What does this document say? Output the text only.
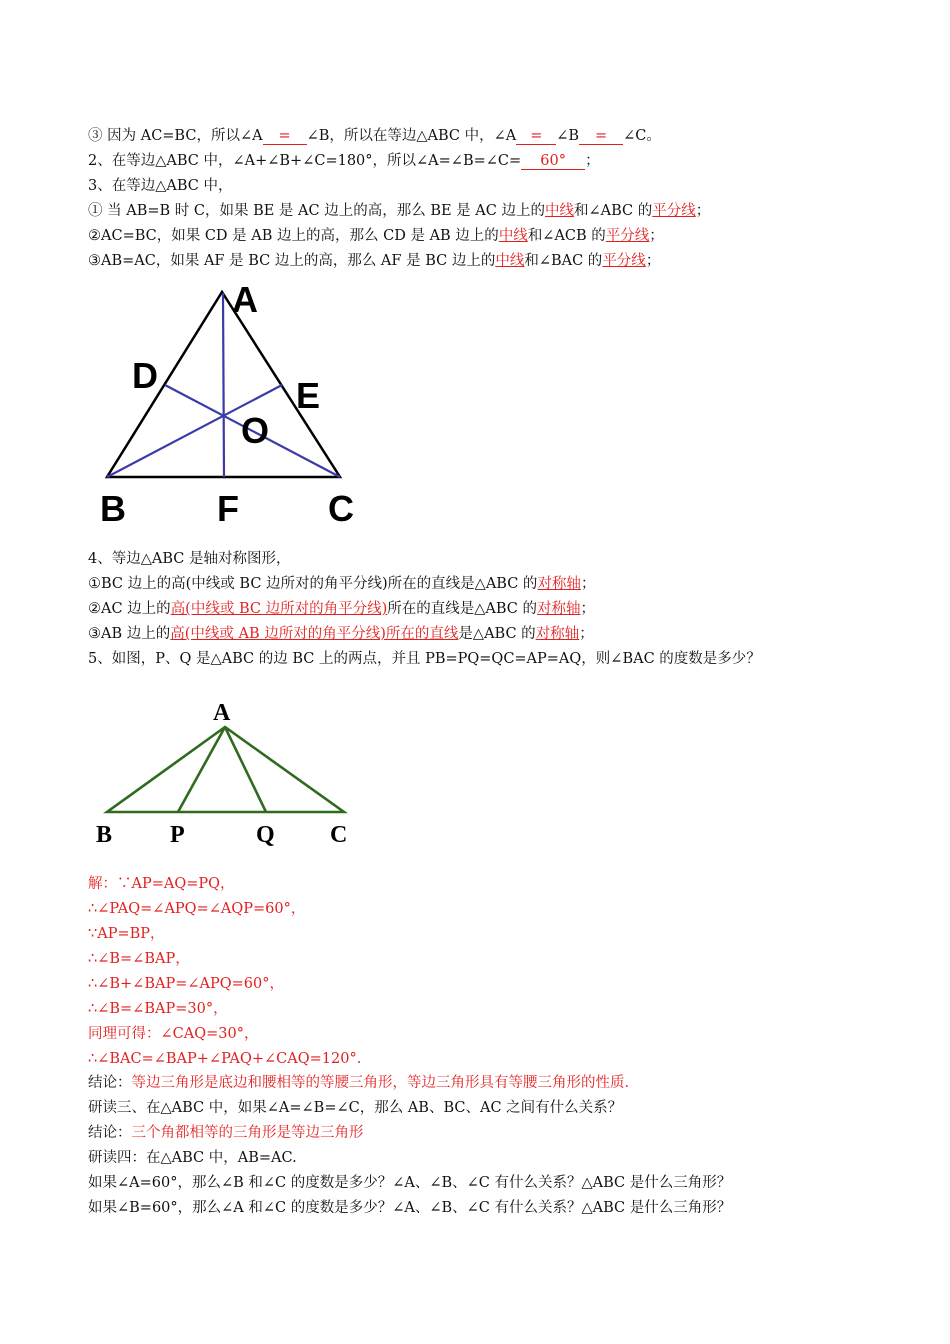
③ 因为 AC=BC，所以∠A = ∠B，所以在等边△ABC 中，∠A = ∠B = ∠C。
2、在等边△ABC 中，∠A+∠B+∠C=180°，所以∠A=∠B=∠C= 60° ；
3、在等边△ABC 中，
① 当 AB=B 时 C，如果 BE 是 AC 边上的高，那么 BE 是 AC 边上的中线和∠ABC 的平分线；
②AC=BC，如果 CD 是 AB 边上的高，那么 CD 是 AB 边上的中线和∠ACB 的平分线；
③AB=AC，如果 AF 是 BC 边上的高，那么 AF 是 BC 边上的中线和∠BAC 的平分线；
A
D	E
O
B	F C
4、等边△ABC 是轴对称图形，
①BC 边上的高(中线或 BC 边所对的角平分线)所在的直线是△ABC 的对称轴；
②AC 边上的高(中线或 BC 边所对的角平分线)所在的直线是△ABC 的对称轴；
③AB 边上的高(中线或 AB 边所对的角平分线)所在的直线是△ABC 的对称轴；
5、如图，P、Q 是△ABC 的边 BC 上的两点，并且 PB=PQ=QC=AP=AQ，则∠BAC 的度数是多少？
A
B P	Q C
解：∵AP=AQ=PQ，
∴∠PAQ=∠APQ=∠AQP=60°，
∵AP=BP，
∴∠B=∠BAP，
∴∠B+∠BAP=∠APQ=60°，
∴∠B=∠BAP=30°，
同理可得：∠CAQ=30°，
∴∠BAC=∠BAP+∠PAQ+∠CAQ=120°.
结论：等边三角形是底边和腰相等的等腰三角形，等边三角形具有等腰三角形的性质.
研读三、在△ABC 中，如果∠A=∠B=∠C，那么 AB、BC、AC 之间有什么关系？
结论：三个角都相等的三角形是等边三角形
研读四：在△ABC 中，AB=AC.
如果∠A=60°，那么∠B 和∠C 的度数是多少？∠A、∠B、∠C 有什么关系？△ABC 是什么三角形？
如果∠B=60°，那么∠A 和∠C 的度数是多少？∠A、∠B、∠C 有什么关系？△ABC 是什么三角形？
